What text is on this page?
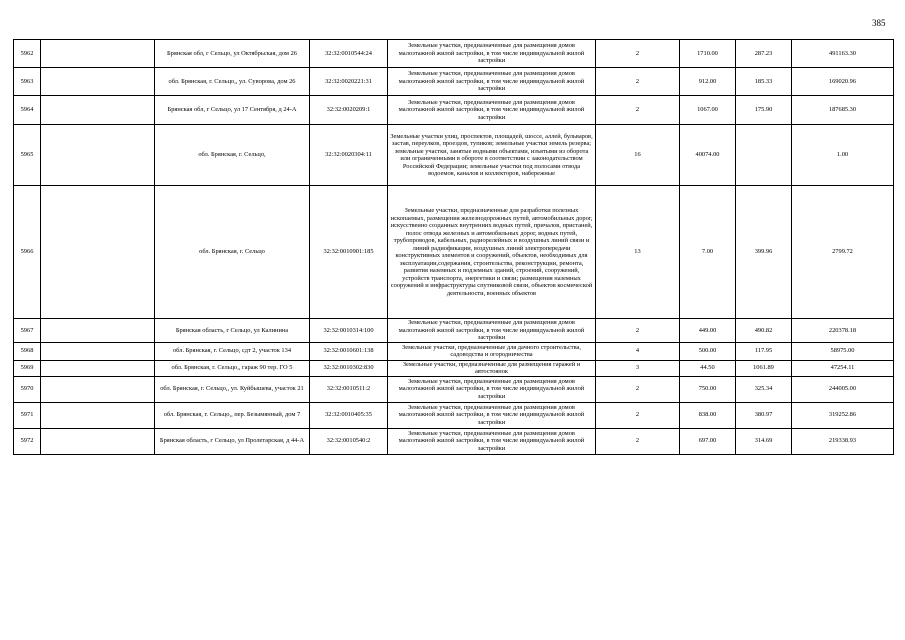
385
5962		Брянская обл, г Сельцо, ул Октябрьская, дом 26	32:32:0010544:24	Земельные участки, предназначенные для размещения домов малоэтажной жилой застройки, в том числе индивидуальной жилой застройки	2	1710.00	287.23	491163.30
5963		обл. Брянская, г. Сельцо,, ул. Суворова, дом 26	32:32:0020221:31	Земельные участки, предназначенные для размещения домов малоэтажной жилой застройки, в том числе индивидуальной жилой застройки	2	912.00	185.33	169020.96
5964		Брянская обл, г Сельцо, ул 17 Сентября, д 24-А	32:32:0020209:1	Земельные участки, предназначенные для размещения домов малоэтажной жилой застройки, в том числе индивидуальной жилой застройки	2	1067.00	175.90	187685.30
5965		обл. Брянская, г. Сельцо,	32:32:0020304:11	Земельные участки улиц, проспектов, площадей, шоссе, аллей, бульваров, застав, переулков, проездов, тупиков; земельные участки земель резерва; земельные участки, занятые водными объектами, изъятыми из оборота или ограниченными в обороте в соответствии с законодательством Российской Федерации; земельные участки под полосами отвода водоемов, каналов и коллекторов, набережные	16	40074.00		1.00
5966		обл. Брянская, г. Сельцо	32:32:0010901:185	Земельные участки, предназначенные для разработки полезных ископаемых, размещения железнодорожных путей, автомобильных дорог, искусственно созданных внутренних водных путей, причалов, пристаней, полос отвода железных и автомобильных дорог, водных путей, трубопроводов, кабельных, радиорелейных и воздушных линий связи и линий радиофикации, воздушных линий электропередачи конструктивных элементов и сооружений, объектов, необходимых для эксплуатации,содержания, строительства, реконструкции, ремонта, развития наземных и подземных зданий, строений, сооружений, устройств транспорта, энергетики и связи; размещения наземных сооружений и инфраструктуры спутниковой связи, объектов космической деятельности, военных объектов	13	7.00	399.96	2799.72
5967		Брянская область, г Сельцо, ул Калинина	32:32:0010314:100	Земельные участки, предназначенные для размещения домов малоэтажной жилой застройки, в том числе индивидуальной жилой застройки	2	449.00	490.82	220378.18
5968		обл. Брянская, г. Сельцо, сдт 2, участок 134	32:32:0010601:138	Земельные участки, предназначенные для дачного строительства, садоводства и огородничества	4	500.00	117.95	58975.00
5969		обл. Брянская, г. Сельцо,, гараж 90 тер. ГО 5	32:32:0010302:830	Земельные участки, предназначенные для размещения гаражей и автостоянок	3	44.50	1061.89	47254.11
5970		обл. Брянская, г. Сельцо,, ул. Куйбышева, участок 21	32:32:0010511:2	Земельные участки, предназначенные для размещения домов малоэтажной жилой застройки, в том числе индивидуальной жилой застройки	2	750.00	325.34	244005.00
5971		обл. Брянская, г. Сельцо,, пер. Безымянный, дом 7	32:32:0010405:35	Земельные участки, предназначенные для размещения домов малоэтажной жилой застройки, в том числе индивидуальной жилой застройки	2	838.00	380.97	319252.86
5972		Брянская область, г Сельцо, ул Пролетарская, д 44-А	32:32:0010540:2	Земельные участки, предназначенные для размещения домов малоэтажной жилой застройки, в том числе индивидуальной жилой застройки	2	697.00	314.69	219338.93
